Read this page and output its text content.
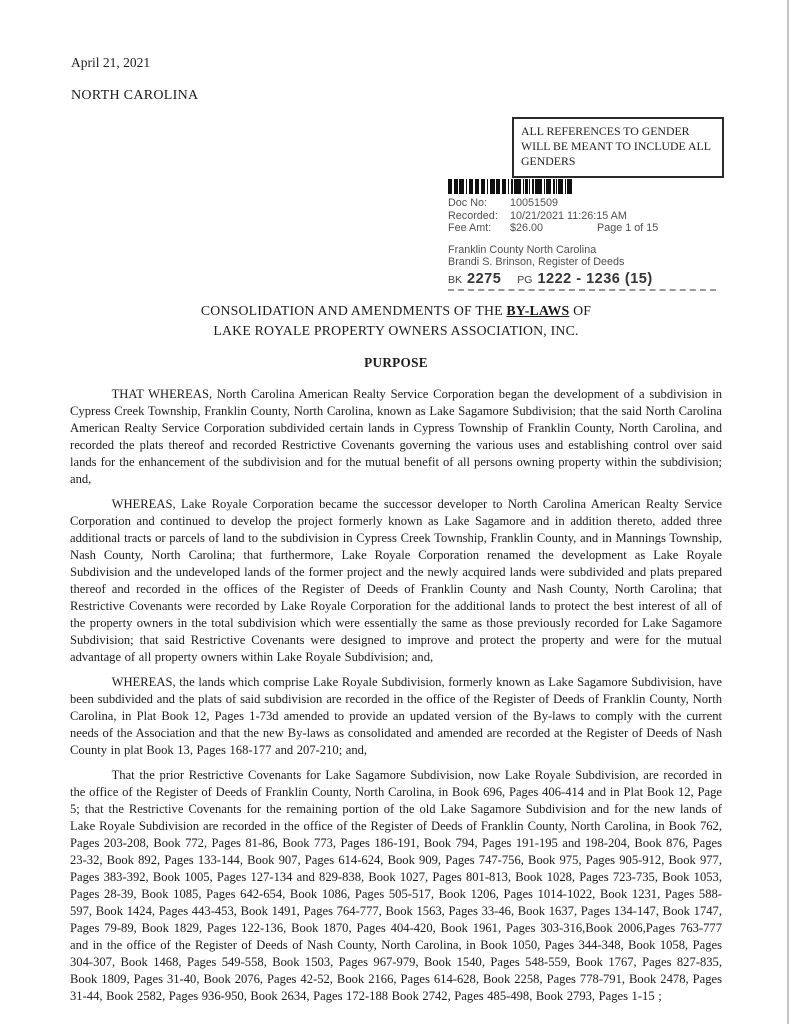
April 21, 2021
NORTH CAROLINA
ALL REFERENCES TO GENDER WILL BE MEANT TO INCLUDE ALL GENDERS
Doc No:	10051509
Recorded:	10/21/2021 11:26:15 AM
Fee Amt:	$26.00	Page 1 of 15
Franklin County North Carolina
Brandi S. Brinson, Register of Deeds
BK 2275 PG 1222 - 1236 (15)
CONSOLIDATION AND AMENDMENTS OF THE BY-LAWS OF
LAKE ROYALE PROPERTY OWNERS ASSOCIATION, INC.
PURPOSE

THAT WHEREAS, North Carolina American Realty Service Corporation began the development of a subdivision in Cypress Creek Township, Franklin County, North Carolina, known as Lake Sagamore Subdivision; that the said North Carolina American Realty Service Corporation subdivided certain lands in Cypress Township of Franklin County, North Carolina, and recorded the plats thereof and recorded Restrictive Covenants governing the various uses and establishing control over said lands for the enhancement of the subdivision and for the mutual benefit of all persons owning property within the subdivision; and,

WHEREAS, Lake Royale Corporation became the successor developer to North Carolina American Realty Service Corporation and continued to develop the project formerly known as Lake Sagamore and in addition thereto, added three additional tracts or parcels of land to the subdivision in Cypress Creek Township, Franklin County, and in Mannings Township, Nash County, North Carolina; that furthermore, Lake Royale Corporation renamed the development as Lake Royale Subdivision and the undeveloped lands of the former project and the newly acquired lands were subdivided and plats prepared thereof and recorded in the offices of the Register of Deeds of Franklin County and Nash County, North Carolina; that Restrictive Covenants were recorded by Lake Royale Corporation for the additional lands to protect the best interest of all of the property owners in the total subdivision which were essentially the same as those previously recorded for Lake Sagamore Subdivision; that said Restrictive Covenants were designed to improve and protect the property and were for the mutual advantage of all property owners within Lake Royale Subdivision; and,

WHEREAS, the lands which comprise Lake Royale Subdivision, formerly known as Lake Sagamore Subdivision, have been subdivided and the plats of said subdivision are recorded in the office of the Register of Deeds of Franklin County, North Carolina, in Plat Book 12, Pages 1-73d amended to provide an updated version of the By-laws to comply with the current needs of the Association and that the new By-laws as consolidated and amended are recorded at the Register of Deeds of Nash County in plat Book 13, Pages 168-177 and 207-210; and,

That the prior Restrictive Covenants for Lake Sagamore Subdivision, now Lake Royale Subdivision, are recorded in the office of the Register of Deeds of Franklin County, North Carolina, in Book 696, Pages 406-414 and in Plat Book 12, Page 5; that the Restrictive Covenants for the remaining portion of the old Lake Sagamore Subdivision and for the new lands of Lake Royale Subdivision are recorded in the office of the Register of Deeds of Franklin County, North Carolina, in Book 762, Pages 203-208, Book 772, Pages 81-86, Book 773, Pages 186-191, Book 794, Pages 191-195 and 198-204, Book 876, Pages 23-32, Book 892, Pages 133-144, Book 907, Pages 614-624, Book 909, Pages 747-756, Book 975, Pages 905-912, Book 977, Pages 383-392, Book 1005, Pages 127-134 and 829-838, Book 1027, Pages 801-813, Book 1028, Pages 723-735, Book 1053, Pages 28-39, Book 1085, Pages 642-654, Book 1086, Pages 505-517, Book 1206, Pages 1014-1022, Book 1231, Pages 588-597, Book 1424, Pages 443-453, Book 1491, Pages 764-777, Book 1563, Pages 33-46, Book 1637, Pages 134-147, Book 1747, Pages 79-89, Book 1829, Pages 122-136, Book 1870, Pages 404-420, Book 1961, Pages 303-316,Book 2006,Pages 763-777 and in the office of the Register of Deeds of Nash County, North Carolina, in Book 1050, Pages 344-348, Book 1058, Pages 304-307, Book 1468, Pages 549-558, Book 1503, Pages 967-979, Book 1540, Pages 548-559, Book 1767, Pages 827-835, Book 1809, Pages 31-40, Book 2076, Pages 42-52, Book 2166, Pages 614-628, Book 2258, Pages 778-791, Book 2478, Pages 31-44, Book 2582, Pages 936-950, Book 2634, Pages 172-188 Book 2742, Pages 485-498, Book 2793, Pages 1-15 ;
